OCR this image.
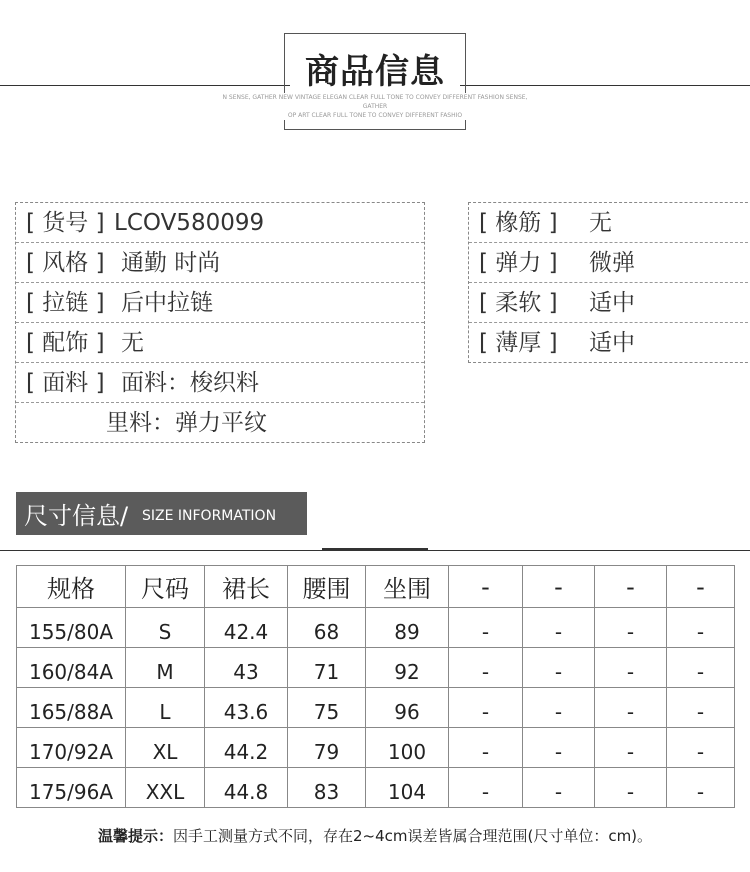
商品信息
N SENSE, GATHER NEW VINTAGE ELEGAN CLEAR FULL TONE TO CONVEY DIFFERENT FASHION SENSE, GATHER
OP ART CLEAR FULL TONE TO CONVEY DIFFERENT FASHIO
[ 货号 ] LCOV580099
[ 风格 ] 通勤 时尚
[ 拉链 ] 后中拉链
[ 配饰 ] 无
[ 面料 ] 面料：梭织料
里料：弹力平纹
[ 橡筋 ] 无
[ 弹力 ] 微弹
[ 柔软 ] 适中
[ 薄厚 ] 适中
尺寸信息/ SIZE INFORMATION
规格	尺码	裙长	腰围	坐围	-	-	-	-
155/80A	S	42.4	68	89	-	-	-	-
160/84A	M	43	71	92	-	-	-	-
165/88A	L	43.6	75	96	-	-	-	-
170/92A	XL	44.2	79	100	-	-	-	-
175/96A	XXL	44.8	83	104	-	-	-	-
温馨提示：因手工测量方式不同，存在2~4cm误差皆属合理范围(尺寸单位：cm)。
